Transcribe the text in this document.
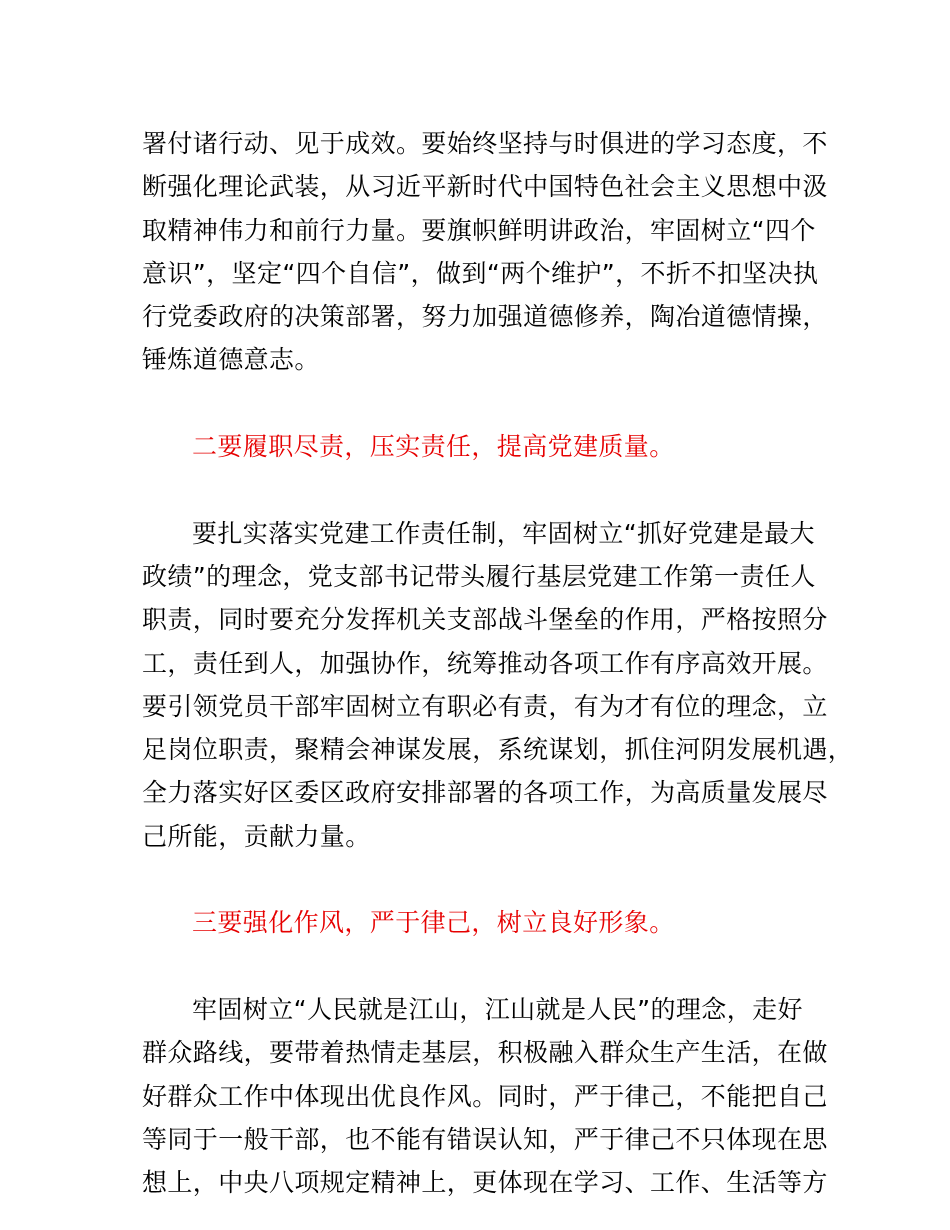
署付诸行动、见于成效。要始终坚持与时俱进的学习态度，不
断强化理论武装，从习近平新时代中国特色社会主义思想中汲
取精神伟力和前行力量。要旗帜鲜明讲政治，牢固树立“四个
意识”，坚定“四个自信”，做到“两个维护”，不折不扣坚决执
行党委政府的决策部署，努力加强道德修养，陶冶道德情操，
锤炼道德意志。
二要履职尽责，压实责任，提高党建质量。
要扎实落实党建工作责任制，牢固树立“抓好党建是最大
政绩”的理念，党支部书记带头履行基层党建工作第一责任人
职责，同时要充分发挥机关支部战斗堡垒的作用，严格按照分
工，责任到人，加强协作，统筹推动各项工作有序高效开展。
要引领党员干部牢固树立有职必有责，有为才有位的理念，立
足岗位职责，聚精会神谋发展，系统谋划，抓住河阴发展机遇，
全力落实好区委区政府安排部署的各项工作，为高质量发展尽
己所能，贡献力量。
三要强化作风，严于律己，树立良好形象。
牢固树立“人民就是江山，江山就是人民”的理念，走好
群众路线，要带着热情走基层，积极融入群众生产生活，在做
好群众工作中体现出优良作风。同时，严于律己，不能把自己
等同于一般干部，也不能有错误认知，严于律己不只体现在思
想上，中央八项规定精神上，更体现在学习、工作、生活等方
